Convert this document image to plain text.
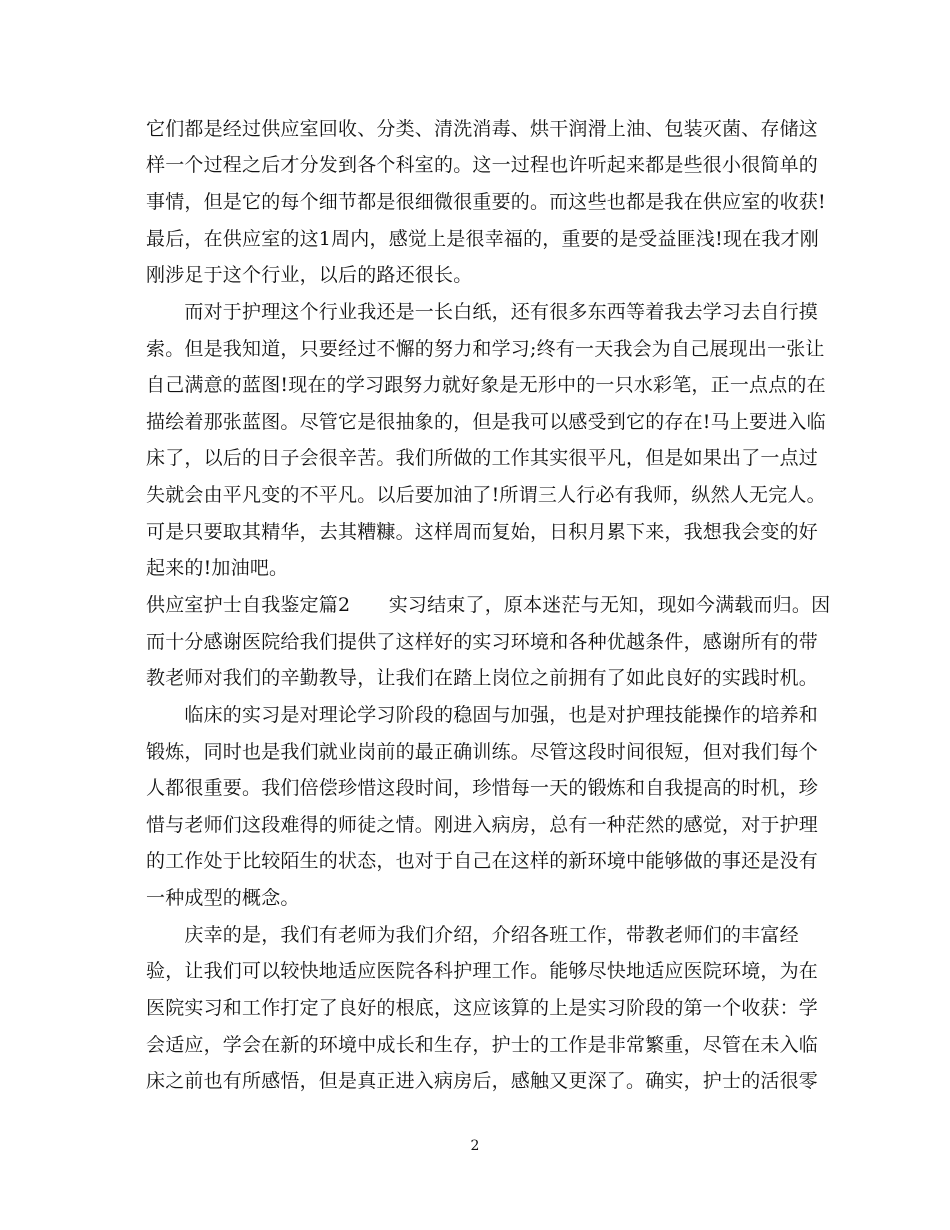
它们都是经过供应室回收、分类、清洗消毒、烘干润滑上油、包装灭菌、存储这
样一个过程之后才分发到各个科室的。这一过程也许听起来都是些很小很简单的
事情，但是它的每个细节都是很细微很重要的。而这些也都是我在供应室的收获!
最后，在供应室的这1周内，感觉上是很幸福的，重要的是受益匪浅!现在我才刚
刚涉足于这个行业，以后的路还很长。
　　而对于护理这个行业我还是一长白纸，还有很多东西等着我去学习去自行摸
索。但是我知道，只要经过不懈的努力和学习;终有一天我会为自己展现出一张让
自己满意的蓝图!现在的学习跟努力就好象是无形中的一只水彩笔，正一点点的在
描绘着那张蓝图。尽管它是很抽象的，但是我可以感受到它的存在!马上要进入临
床了，以后的日子会很辛苦。我们所做的工作其实很平凡，但是如果出了一点过
失就会由平凡变的不平凡。以后要加油了!所谓三人行必有我师，纵然人无完人。
可是只要取其精华，去其糟糠。这样周而复始，日积月累下来，我想我会变的好
起来的!加油吧。
供应室护士自我鉴定篇2　　实习结束了，原本迷茫与无知，现如今满载而归。因
而十分感谢医院给我们提供了这样好的实习环境和各种优越条件，感谢所有的带
教老师对我们的辛勤教导，让我们在踏上岗位之前拥有了如此良好的实践时机。
　　临床的实习是对理论学习阶段的稳固与加强，也是对护理技能操作的培养和
锻炼，同时也是我们就业岗前的最正确训练。尽管这段时间很短，但对我们每个
人都很重要。我们倍偿珍惜这段时间，珍惜每一天的锻炼和自我提高的时机，珍
惜与老师们这段难得的师徒之情。刚进入病房，总有一种茫然的感觉，对于护理
的工作处于比较陌生的状态，也对于自己在这样的新环境中能够做的事还是没有
一种成型的概念。
　　庆幸的是，我们有老师为我们介绍，介绍各班工作，带教老师们的丰富经
验，让我们可以较快地适应医院各科护理工作。能够尽快地适应医院环境，为在
医院实习和工作打定了良好的根底，这应该算的上是实习阶段的第一个收获：学
会适应，学会在新的环境中成长和生存，护士的工作是非常繁重，尽管在未入临
床之前也有所感悟，但是真正进入病房后，感触又更深了。确实，护士的活很零
2
